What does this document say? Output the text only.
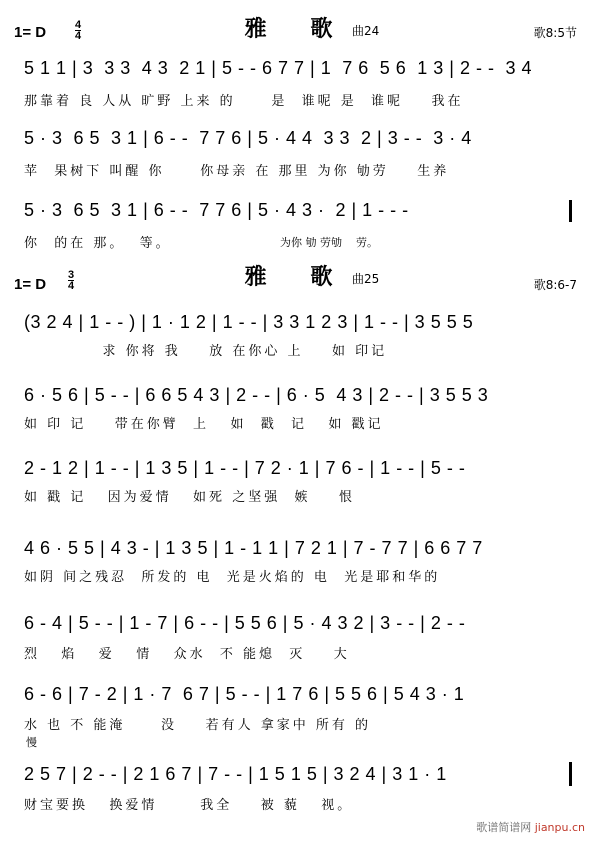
1= D	$\frac{4}{4}$	雅 歌 曲24	歌8:5节
5 1 1 | 3  3 3  4 3  2 1 | 5 - - 6 7 7 | 1  7 6  5 6  1 3 | 2 - -  3 4
那靠着 良 人从 旷野 上来 的     是  谁呢 是  谁呢    我在
5 · 3  6 5  3 1 | 6 - -  7 7 6 | 5 · 4 4  3 3  2 | 3 - -  3 · 4
苹  果树下 叫醒 你     你母亲 在 那里 为你 劬劳    生养
5 · 3  6 5  3 1 | 6 - -  7 7 6 | 5 · 4 3 ·  2 | 1 - - -
你  的在 那。  等。	为你 劬 劳劬    劳。
1= D $\frac{3}{4}$	雅 歌 曲25	歌8:6-7
(3 2 4 | 1 - - ) | 1 · 1 2 | 1 - - | 3 3 1 2 3 | 1 - - | 3 5 5 5
求 你将 我    放 在你心 上    如 印记
6 · 5 6 | 5 - - | 6 6 5 4 3 | 2 - - | 6 · 5  4 3 | 2 - - | 3 5 5 3
如 印 记    带在你臂  上   如  戳  记   如 戳记
2 - 1 2 | 1 - - | 1 3 5 | 1 - - | 7 2 · 1 | 7 6 - | 1 - - | 5 - -
如 戳 记   因为爱情   如死 之坚强  嫉    恨
4 6 · 5 5 | 4 3 - | 1 3 5 | 1 - 1 1 | 7 2 1 | 7 - 7 7 | 6 6 7 7
如阴 间之残忍  所发的 电  光是火焰的 电  光是耶和华的
6 - 4 | 5 - - | 1 - 7 | 6 - - | 5 5 6 | 5 · 4 3 2 | 3 - - | 2 - -
烈   焰   爱   情   众水  不 能熄  灭    大
6 - 6 | 7 - 2 | 1 · 7  6 7 | 5 - - | 1 7 6 | 5 5 6 | 5 4 3 · 1
水 也 不 能淹     没    若有人 拿家中 所有 的
慢
2 5 7 | 2 - - | 2 1 6 7 | 7 - - | 1 5 1 5 | 3 2 4 | 3 1 · 1
财宝要换   换爱情      我全    被 藐   视。
歌谱简谱网 jianpu.cn
